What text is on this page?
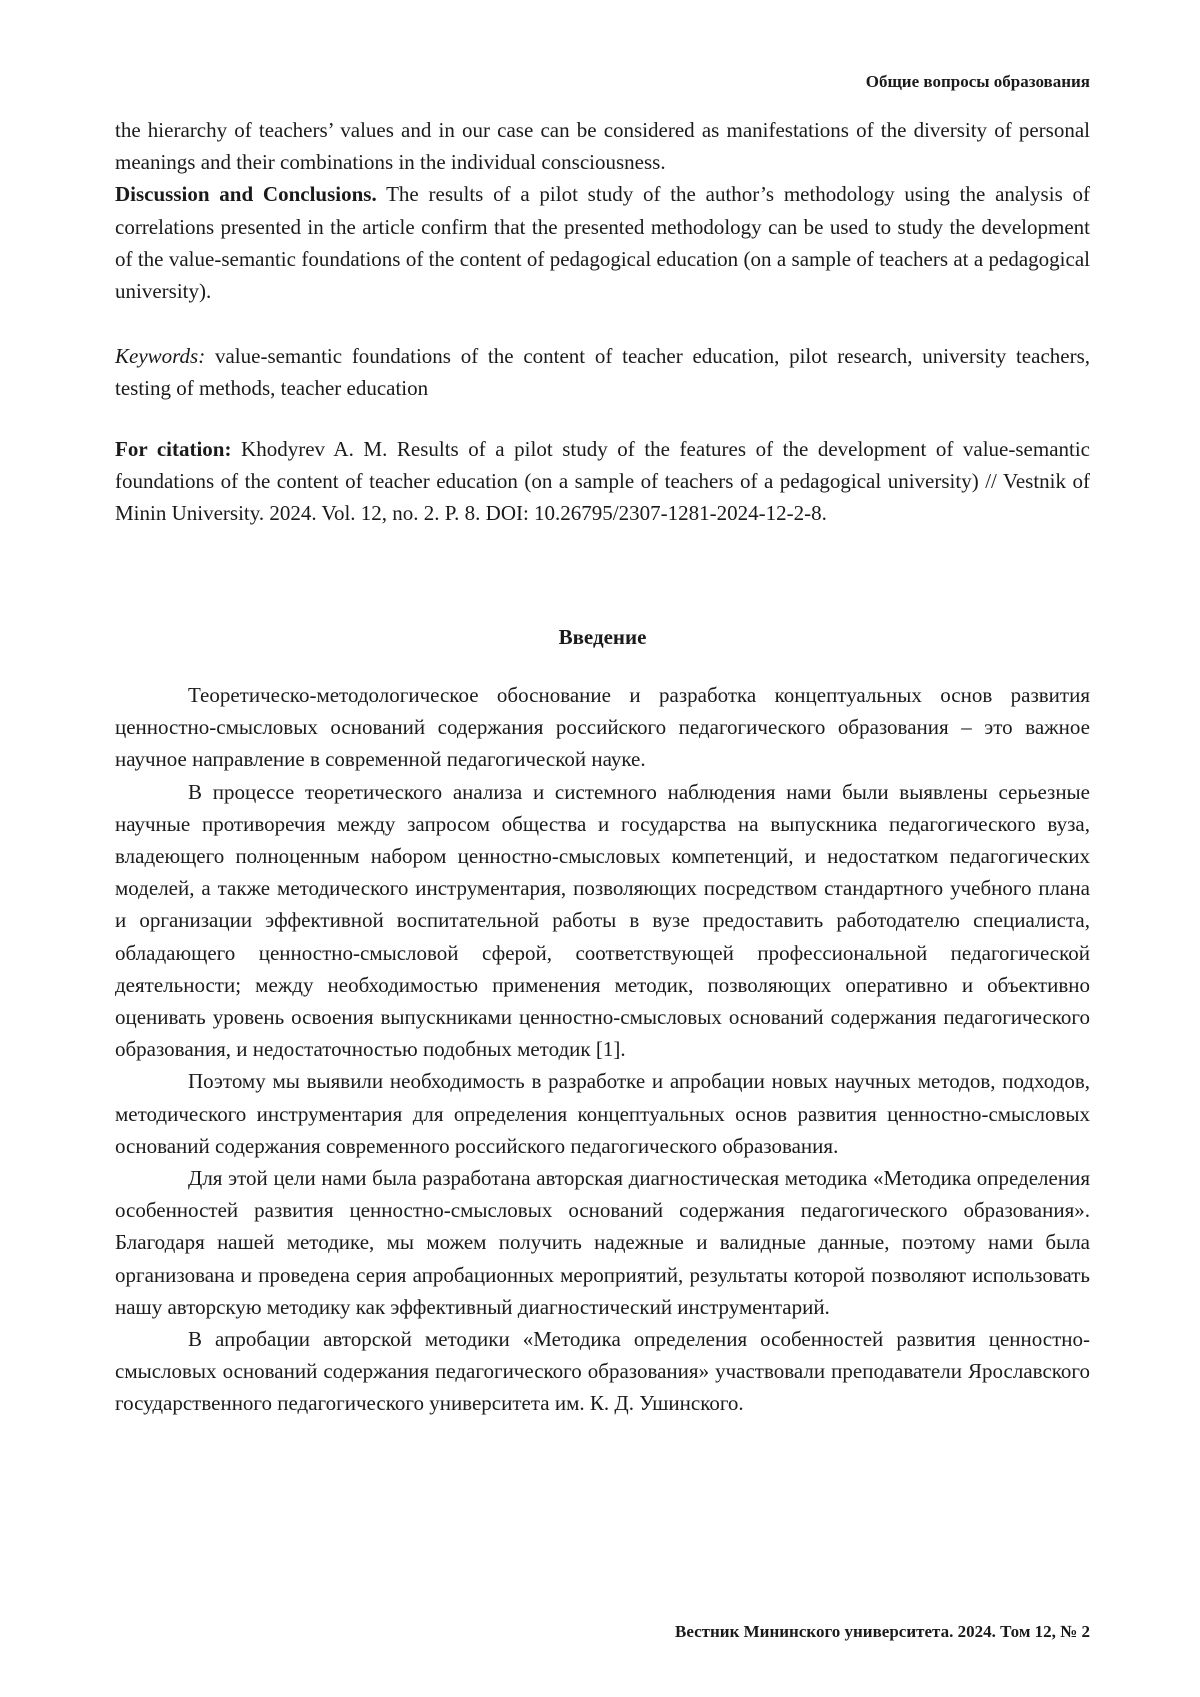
Общие вопросы образования

the hierarchy of teachers’ values and in our case can be considered as manifestations of the diversity of personal meanings and their combinations in the individual consciousness.

Discussion and Conclusions. The results of a pilot study of the author’s methodology using the analysis of correlations presented in the article confirm that the presented methodology can be used to study the development of the value-semantic foundations of the content of pedagogical education (on a sample of teachers at a pedagogical university).

Keywords: value-semantic foundations of the content of teacher education, pilot research, university teachers, testing of methods, teacher education

For citation: Khodyrev A. M. Results of a pilot study of the features of the development of value-semantic foundations of the content of teacher education (on a sample of teachers of a pedagogical university) // Vestnik of Minin University. 2024. Vol. 12, no. 2. P. 8. DOI: 10.26795/2307-1281-2024-12-2-8.

Введение

Теоретическо-методологическое обоснование и разработка концептуальных основ развития ценностно-смысловых оснований содержания российского педагогического образования – это важное научное направление в современной педагогической науке.

В процессе теоретического анализа и системного наблюдения нами были выявлены серьезные научные противоречия между запросом общества и государства на выпускника педагогического вуза, владеющего полноценным набором ценностно-смысловых компетенций, и недостатком педагогических моделей, а также методического инструментария, позволяющих посредством стандартного учебного плана и организации эффективной воспитательной работы в вузе предоставить работодателю специалиста, обладающего ценностно-смысловой сферой, соответствующей профессиональной педагогической деятельности; между необходимостью применения методик, позволяющих оперативно и объективно оценивать уровень освоения выпускниками ценностно-смысловых оснований содержания педагогического образования, и недостаточностью подобных методик [1].

Поэтому мы выявили необходимость в разработке и апробации новых научных методов, подходов, методического инструментария для определения концептуальных основ развития ценностно-смысловых оснований содержания современного российского педагогического образования.

Для этой цели нами была разработана авторская диагностическая методика «Методика определения особенностей развития ценностно-смысловых оснований содержания педагогического образования». Благодаря нашей методике, мы можем получить надежные и валидные данные, поэтому нами была организована и проведена серия апробационных мероприятий, результаты которой позволяют использовать нашу авторскую методику как эффективный диагностический инструментарий.

В апробации авторской методики «Методика определения особенностей развития ценностно-смысловых оснований содержания педагогического образования» участвовали преподаватели Ярославского государственного педагогического университета им. К. Д. Ушинского.

Вестник Мининского университета. 2024. Том 12, № 2
